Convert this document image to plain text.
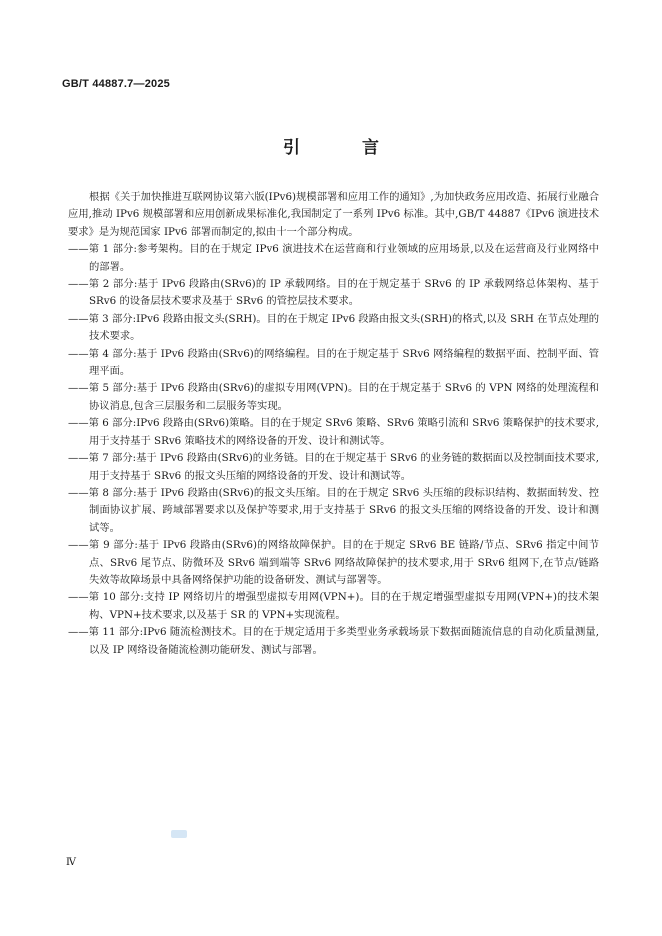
GB/T 44887.7—2025
引 言

根据《关于加快推进互联网协议第六版(IPv6)规模部署和应用工作的通知》,为加快政务应用改造、拓展行业融合应用,推动 IPv6 规模部署和应用创新成果标准化,我国制定了一系列 IPv6 标准。其中,GB/T 44887《IPv6 演进技术要求》是为规范国家 IPv6 部署而制定的,拟由十一个部分构成。

——第 1 部分:参考架构。目的在于规定 IPv6 演进技术在运营商和行业领域的应用场景,以及在运营商及行业网络中的部署。

——第 2 部分:基于 IPv6 段路由(SRv6)的 IP 承载网络。目的在于规定基于 SRv6 的 IP 承载网络总体架构、基于 SRv6 的设备层技术要求及基于 SRv6 的管控层技术要求。

——第 3 部分:IPv6 段路由报文头(SRH)。目的在于规定 IPv6 段路由报文头(SRH)的格式,以及 SRH 在节点处理的技术要求。

——第 4 部分:基于 IPv6 段路由(SRv6)的网络编程。目的在于规定基于 SRv6 网络编程的数据平面、控制平面、管理平面。

——第 5 部分:基于 IPv6 段路由(SRv6)的虚拟专用网(VPN)。目的在于规定基于 SRv6 的 VPN 网络的处理流程和协议消息,包含三层服务和二层服务等实现。

——第 6 部分:IPv6 段路由(SRv6)策略。目的在于规定 SRv6 策略、SRv6 策略引流和 SRv6 策略保护的技术要求,用于支持基于 SRv6 策略技术的网络设备的开发、设计和测试等。

——第 7 部分:基于 IPv6 段路由(SRv6)的业务链。目的在于规定基于 SRv6 的业务链的数据面以及控制面技术要求,用于支持基于 SRv6 的报文头压缩的网络设备的开发、设计和测试等。

——第 8 部分:基于 IPv6 段路由(SRv6)的报文头压缩。目的在于规定 SRv6 头压缩的段标识结构、数据面转发、控制面协议扩展、跨域部署要求以及保护等要求,用于支持基于 SRv6 的报文头压缩的网络设备的开发、设计和测试等。

——第 9 部分:基于 IPv6 段路由(SRv6)的网络故障保护。目的在于规定 SRv6 BE 链路/节点、SRv6 指定中间节点、SRv6 尾节点、防微环及 SRv6 端到端等 SRv6 网络故障保护的技术要求,用于 SRv6 组网下,在节点/链路失效等故障场景中具备网络保护功能的设备研发、测试与部署等。

——第 10 部分:支持 IP 网络切片的增强型虚拟专用网(VPN+)。目的在于规定增强型虚拟专用网(VPN+)的技术架构、VPN+技术要求,以及基于 SR 的 VPN+实现流程。

——第 11 部分:IPv6 随流检测技术。目的在于规定适用于多类型业务承载场景下数据面随流信息的自动化质量测量,以及 IP 网络设备随流检测功能研发、测试与部署。

Ⅳ
